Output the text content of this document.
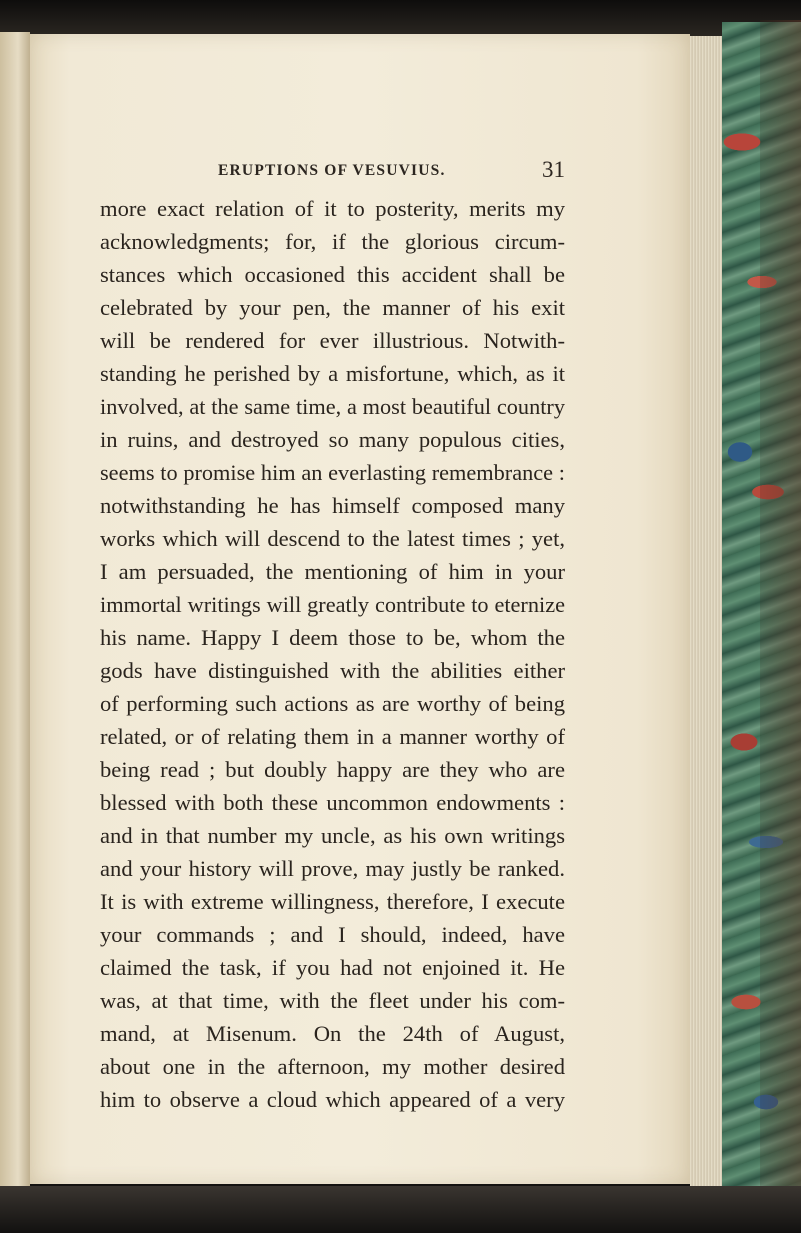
ERUPTIONS OF VESUVIUS.	31
more exact relation of it to posterity, merits my
acknowledgments; for, if the glorious circum-
stances which occasioned this accident shall be
celebrated by your pen, the manner of his exit
will be rendered for ever illustrious. Notwith-
standing he perished by a misfortune, which, as it
involved, at the same time, a most beautiful country
in ruins, and destroyed so many populous cities,
seems to promise him an everlasting remembrance :
notwithstanding he has himself composed many
works which will descend to the latest times ; yet,
I am persuaded, the mentioning of him in your
immortal writings will greatly contribute to eternize
his name. Happy I deem those to be, whom the
gods have distinguished with the abilities either
of performing such actions as are worthy of being
related, or of relating them in a manner worthy of
being read ; but doubly happy are they who are
blessed with both these uncommon endowments :
and in that number my uncle, as his own writings
and your history will prove, may justly be ranked.
It is with extreme willingness, therefore, I execute
your commands ; and I should, indeed, have
claimed the task, if you had not enjoined it. He
was, at that time, with the fleet under his com-
mand, at Misenum. On the 24th of August,
about one in the afternoon, my mother desired
him to observe a cloud which appeared of a very
